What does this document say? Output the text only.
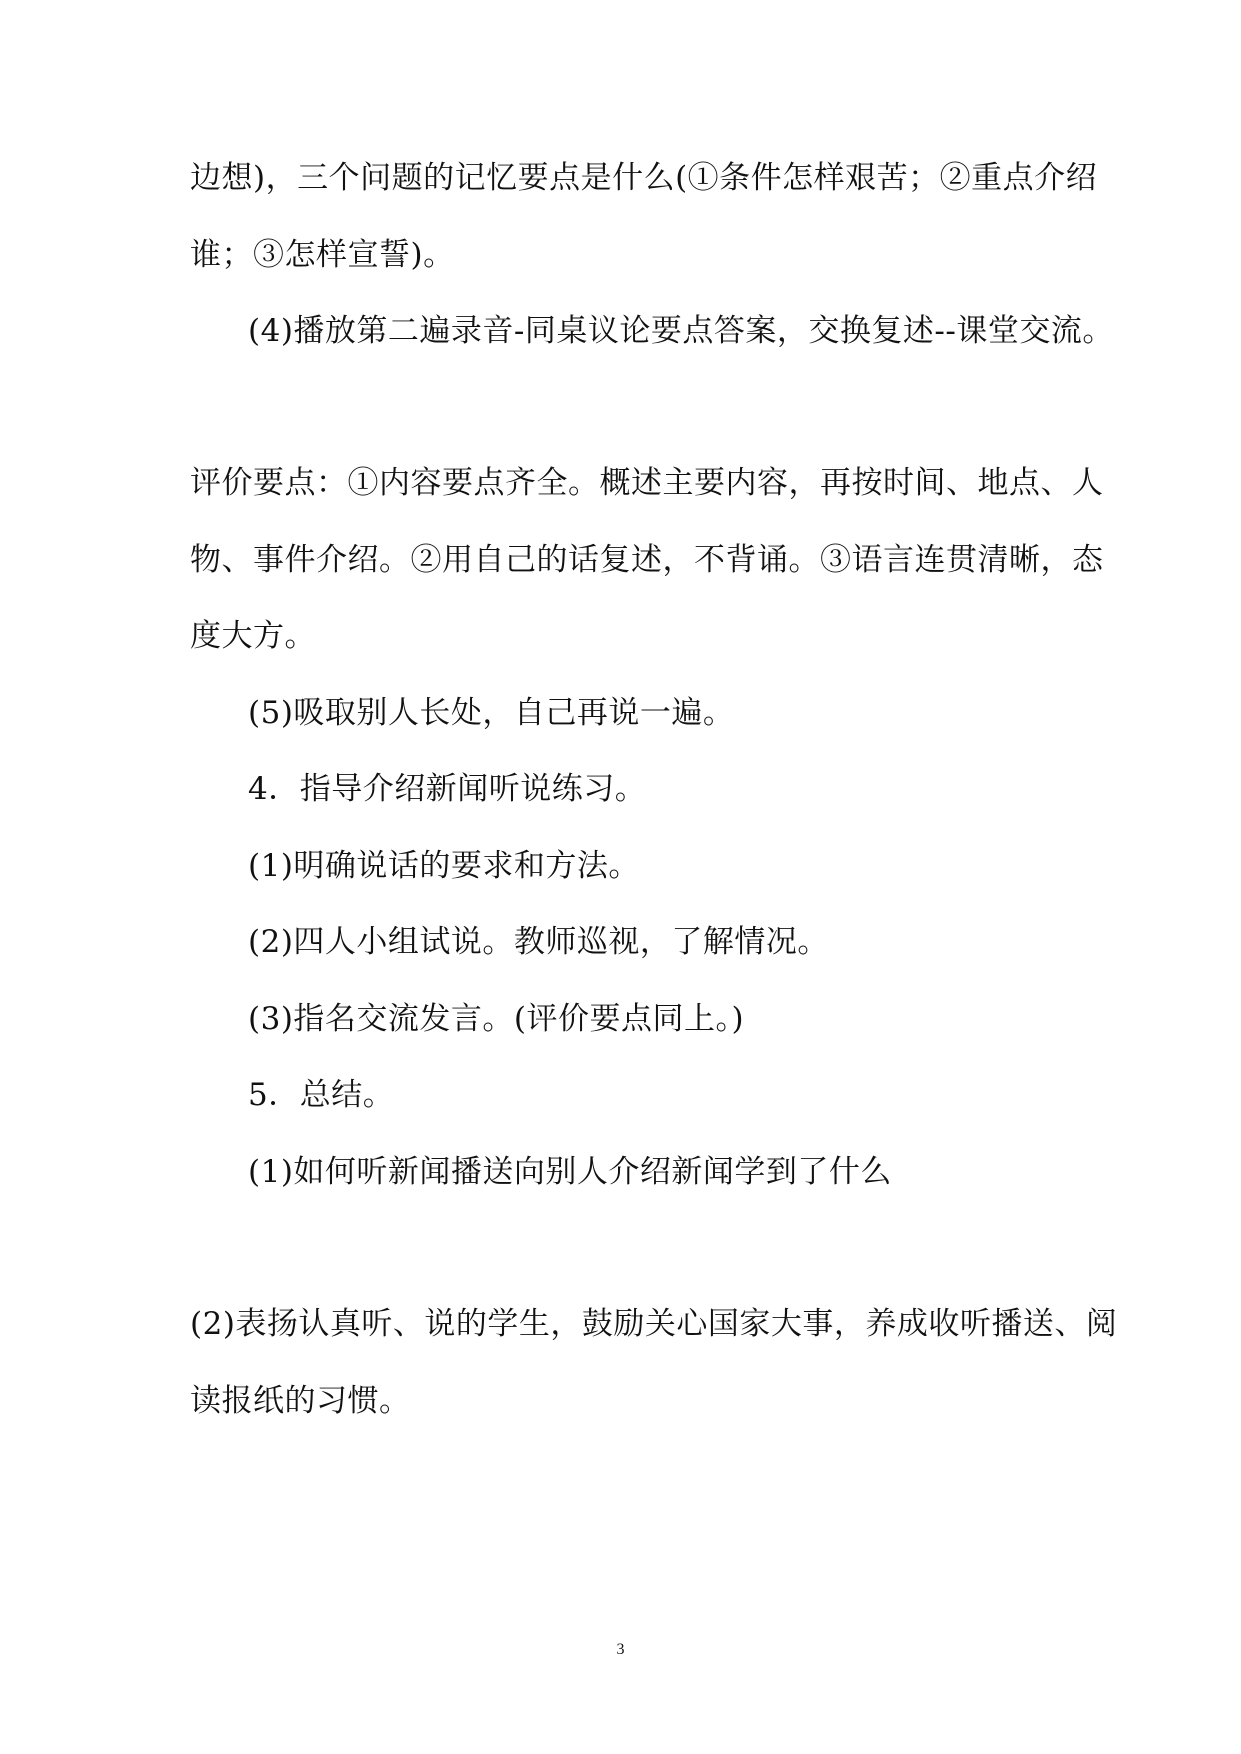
边想)，三个问题的记忆要点是什么(①条件怎样艰苦；②重点介绍
谁；③怎样宣誓)。
(4)播放第二遍录音-同桌议论要点答案，交换复述--课堂交流。
评价要点：①内容要点齐全。概述主要内容，再按时间、地点、人
物、事件介绍。②用自己的话复述，不背诵。③语言连贯清晰，态
度大方。
(5)吸取别人长处，自己再说一遍。
4．指导介绍新闻听说练习。
(1)明确说话的要求和方法。
(2)四人小组试说。教师巡视，了解情况。
(3)指名交流发言。(评价要点同上。)
5．总结。
(1)如何听新闻播送向别人介绍新闻学到了什么
(2)表扬认真听、说的学生，鼓励关心国家大事，养成收听播送、阅
读报纸的习惯。
3
